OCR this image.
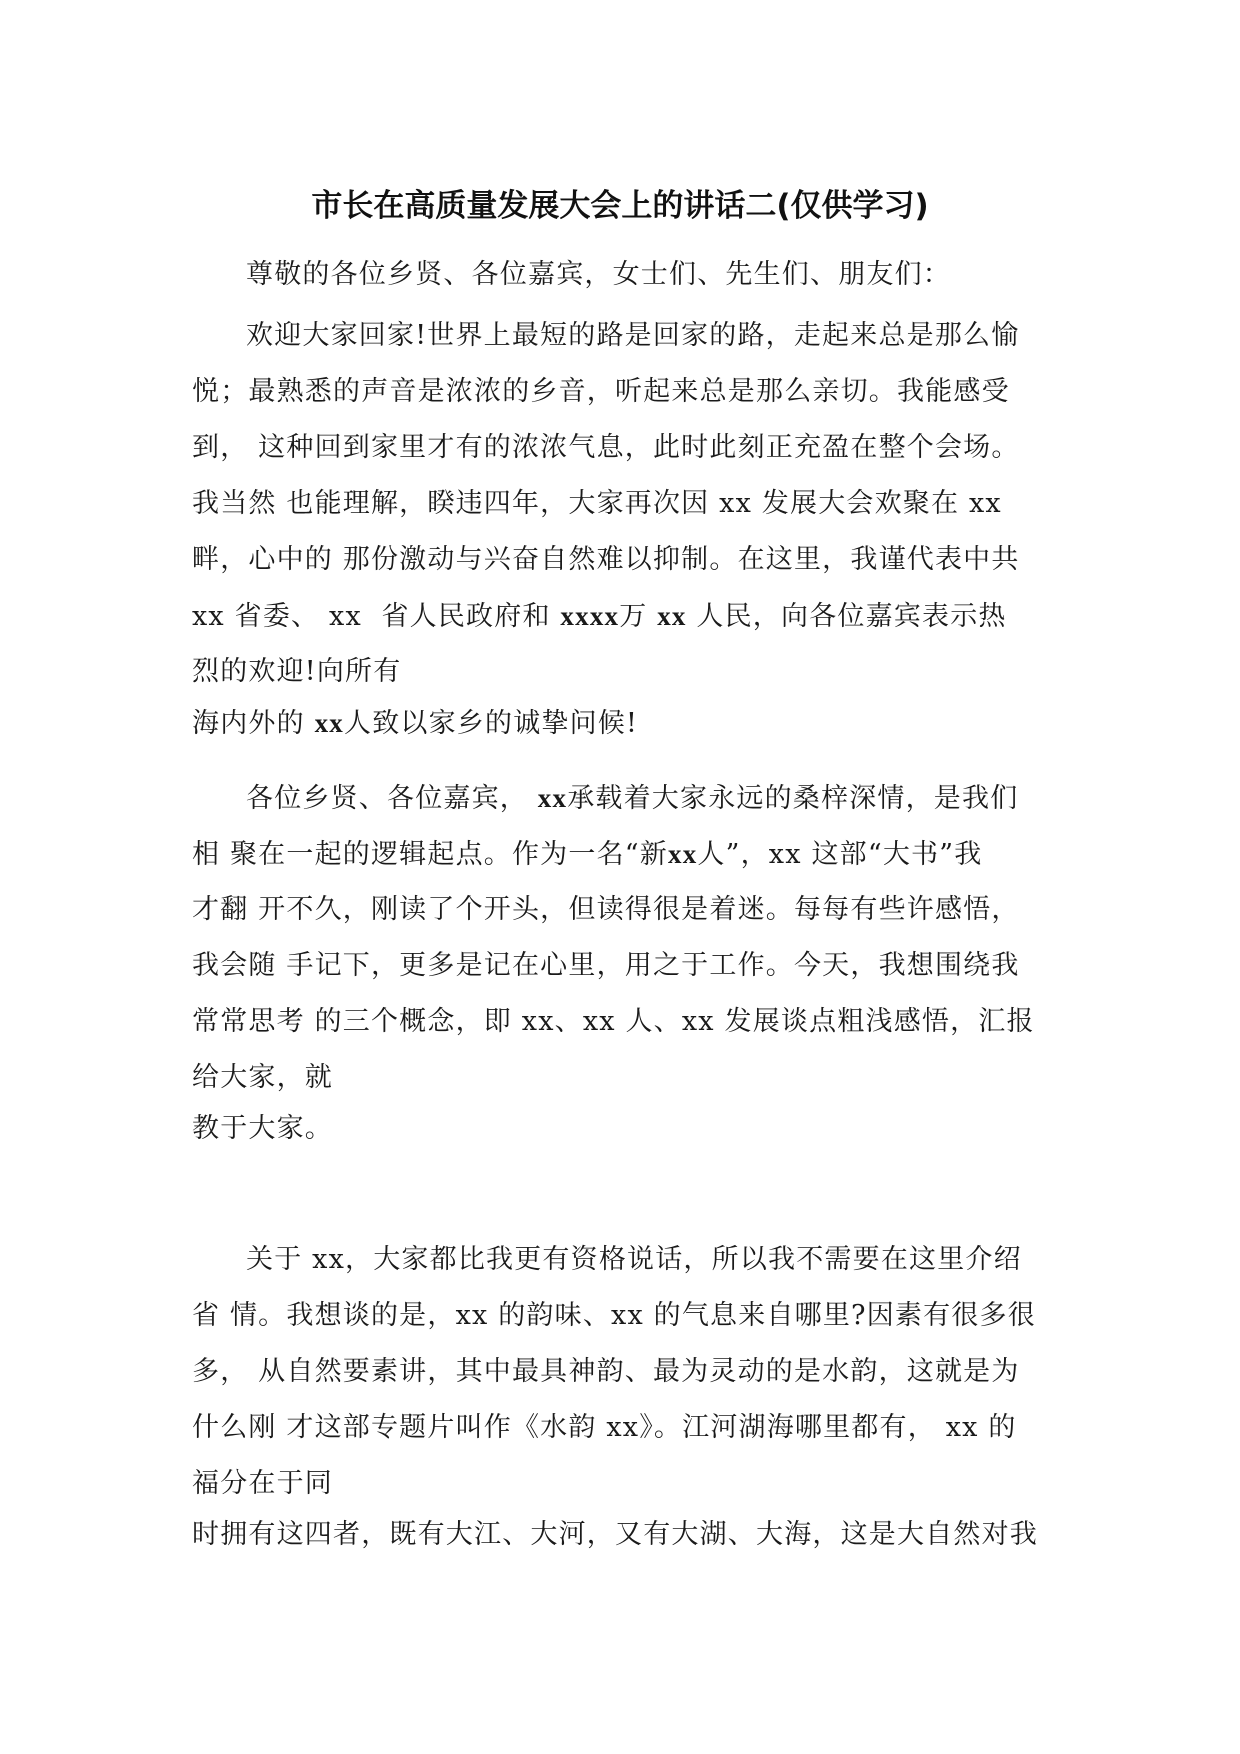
市长在高质量发展大会上的讲话二(仅供学习)
尊敬的各位乡贤、各位嘉宾，女士们、先生们、朋友们：
欢迎大家回家!世界上最短的路是回家的路，走起来总是那么愉
悦；最熟悉的声音是浓浓的乡音，听起来总是那么亲切。我能感受
到， 这种回到家里才有的浓浓气息，此时此刻正充盈在整个会场。
我当然 也能理解，睽违四年，大家再次因 xx 发展大会欢聚在 xx
畔，心中的 那份激动与兴奋自然难以抑制。在这里，我谨代表中共
xx 省委、 xx  省人民政府和 xxxx万 xx 人民，向各位嘉宾表示热
烈的欢迎!向所有
海内外的 xx人致以家乡的诚挚问候!
各位乡贤、各位嘉宾， xx承载着大家永远的桑梓深情，是我们
相 聚在一起的逻辑起点。作为一名“新xx人”，xx 这部“大书”我
才翻 开不久，刚读了个开头，但读得很是着迷。每每有些许感悟，
我会随 手记下，更多是记在心里，用之于工作。今天，我想围绕我
常常思考 的三个概念，即 xx、xx 人、xx 发展谈点粗浅感悟，汇报
给大家，就
教于大家。
关于 xx，大家都比我更有资格说话，所以我不需要在这里介绍
省 情。我想谈的是，xx 的韵味、xx 的气息来自哪里?因素有很多很
多， 从自然要素讲，其中最具神韵、最为灵动的是水韵，这就是为
什么刚 才这部专题片叫作《水韵 xx》。江河湖海哪里都有， xx 的
福分在于同
时拥有这四者，既有大江、大河，又有大湖、大海，这是大自然对我
